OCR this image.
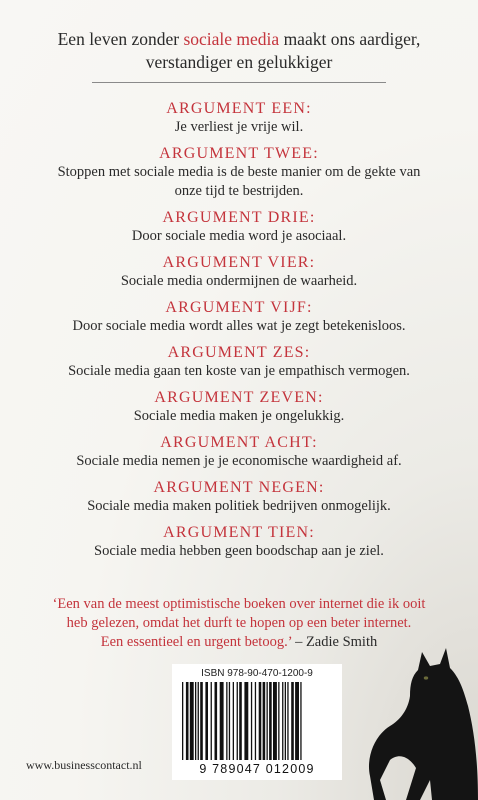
Een leven zonder sociale media maakt ons aardiger,
verstandiger en gelukkiger
ARGUMENT EEN:
Je verliest je vrije wil.
ARGUMENT TWEE:
Stoppen met sociale media is de beste manier om de gekte van
onze tijd te bestrijden.
ARGUMENT DRIE:
Door sociale media word je asociaal.
ARGUMENT VIER:
Sociale media ondermijnen de waarheid.
ARGUMENT VIJF:
Door sociale media wordt alles wat je zegt betekenisloos.
ARGUMENT ZES:
Sociale media gaan ten koste van je empathisch vermogen.
ARGUMENT ZEVEN:
Sociale media maken je ongelukkig.
ARGUMENT ACHT:
Sociale media nemen je je economische waardigheid af.
ARGUMENT NEGEN:
Sociale media maken politiek bedrijven onmogelijk.
ARGUMENT TIEN:
Sociale media hebben geen boodschap aan je ziel.
‘Een van de meest optimistische boeken over internet die ik ooit
heb gelezen, omdat het durft te hopen op een beter internet.
Een essentieel en urgent betoog.’ – Zadie Smith
ISBN 978-90-470-1200-9
9 789047 012009
www.businesscontact.nl
